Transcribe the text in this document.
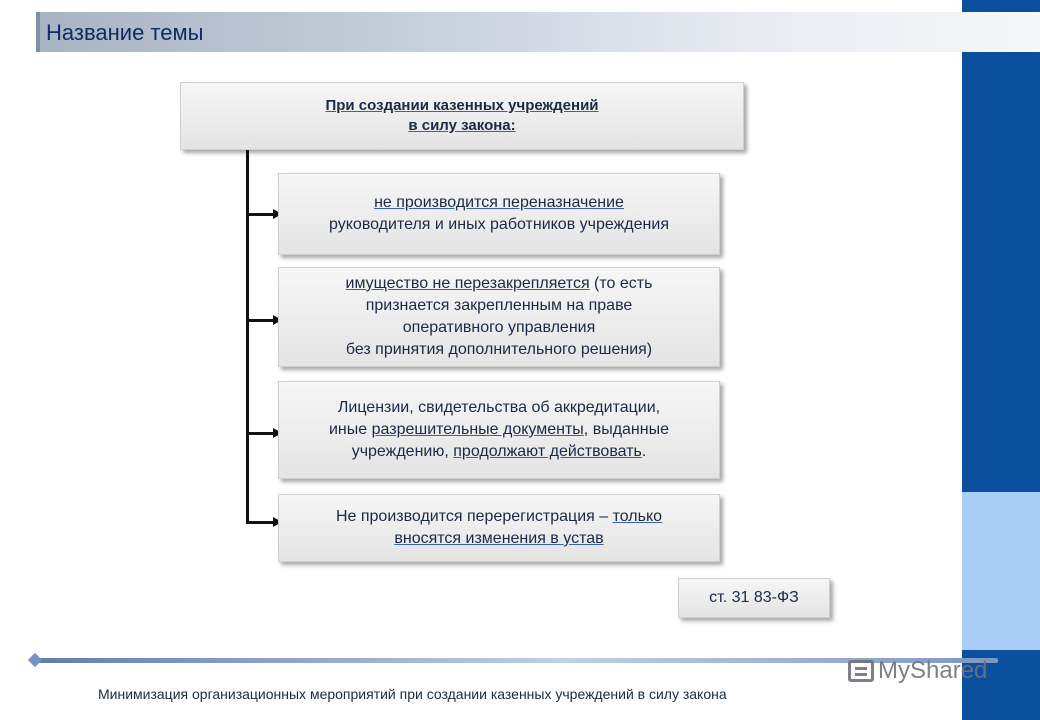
Название темы
При создании казенных учреждений
в силу закона:
не производится переназначение
руководителя и иных работников учреждения
имущество не перезакрепляется (то есть
признается закрепленным на праве
оперативного управления
без принятия дополнительного решения)
Лицензии, свидетельства об аккредитации,
иные разрешительные документы, выданные
учреждению, продолжают действовать.
Не производится перерегистрация – только
вносятся изменения в устав
ст. 31 83-ФЗ
Минимизация организационных мероприятий при создании казенных учреждений в силу закона
MyShared
